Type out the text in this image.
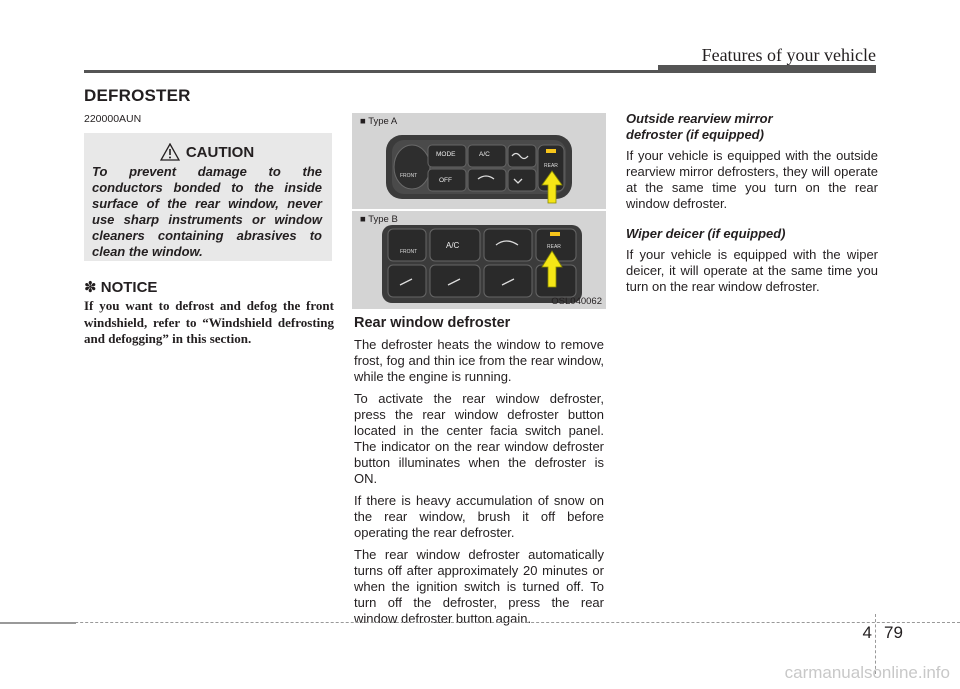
Features of your vehicle
DEFROSTER
220000AUN
CAUTION
To prevent damage to the conductors bonded to the inside surface of the rear window, never use sharp instruments or window cleaners containing abrasives to clean the window.
✽ NOTICE
If you want to defrost and defog the front windshield, refer to “Windshield defrosting and defogging” in this section.
■ Type A
FRONT
MODE	A/C
OFF
REAR
■ Type B
FRONT
A/C	REAR
OSL040062
Rear window defroster

The defroster heats the window to remove frost, fog and thin ice from the rear window, while the engine is running.

To activate the rear window defroster, press the rear window defroster button located in the center facia switch panel. The indicator on the rear window defroster button illuminates when the defroster is ON.

If there is heavy accumulation of snow on the rear window, brush it off before operating the rear defroster.

The rear window defroster automatically turns off after approximately 20 minutes or when the ignition switch is turned off. To turn off the defroster, press the rear window defroster button again.

Outside rearview mirror defroster (if equipped)

If your vehicle is equipped with the outside rearview mirror defrosters, they will operate at the same time you turn on the rear window defroster.

Wiper deicer (if equipped)

If your vehicle is equipped with the wiper deicer, it will operate at the same time you turn on the rear window defroster.

4 79
carmanualsonline.info
